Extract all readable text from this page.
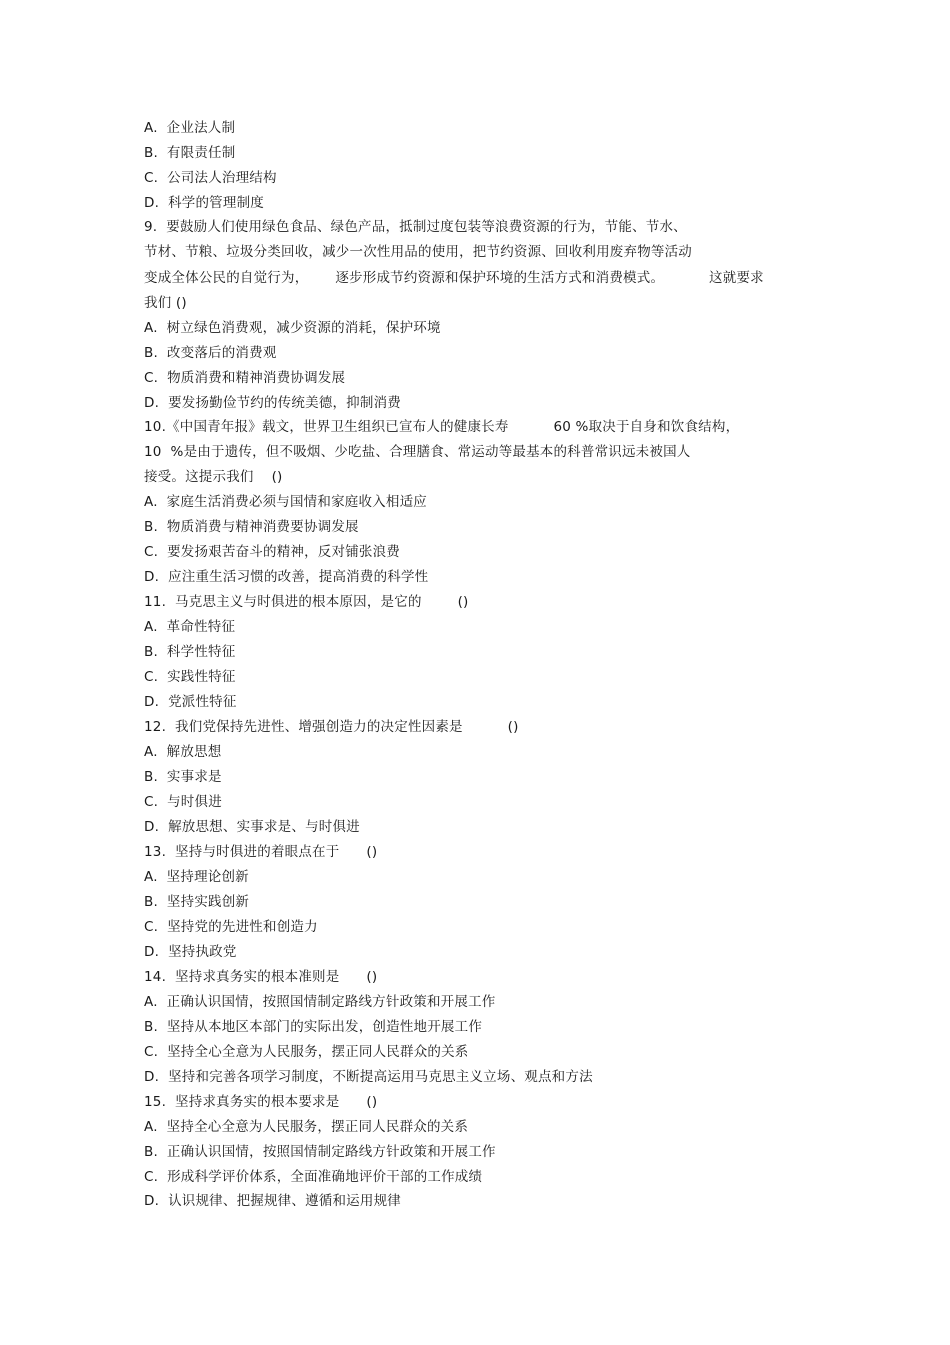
A.  企业法人制
B.  有限责任制
C.  公司法人治理结构
D.  科学的管理制度
9.  要鼓励人们使用绿色食品、绿色产品，抵制过度包装等浪费资源的行为，节能、节水、
节材、节粮、垃圾分类回收，减少一次性用品的使用，把节约资源、回收利用废弃物等活动
变成全体公民的自觉行为，      逐步形成节约资源和保护环境的生活方式和消费模式。          这就要求
我们 ()
A.  树立绿色消费观，减少资源的消耗，保护环境
B.  改变落后的消费观
C.  物质消费和精神消费协调发展
D.  要发扬勤俭节约的传统美德，抑制消费
10.《中国青年报》载文，世界卫生组织已宣布人的健康长寿          60 %取决于自身和饮食结构，
10  %是由于遗传，但不吸烟、少吃盐、合理膳食、常运动等最基本的科普常识远未被国人
接受。这提示我们    ()
A.  家庭生活消费必须与国情和家庭收入相适应
B.  物质消费与精神消费要协调发展
C.  要发扬艰苦奋斗的精神，反对铺张浪费
D.  应注重生活习惯的改善，提高消费的科学性
11.  马克思主义与时俱进的根本原因，是它的        ()
A.  革命性特征
B.  科学性特征
C.  实践性特征
D.  党派性特征
12.  我们党保持先进性、增强创造力的决定性因素是          ()
A.  解放思想
B.  实事求是
C.  与时俱进
D.  解放思想、实事求是、与时俱进
13.  坚持与时俱进的着眼点在于      ()
A.  坚持理论创新
B.  坚持实践创新
C.  坚持党的先进性和创造力
D.  坚持执政党
14.  坚持求真务实的根本准则是      ()
A.  正确认识国情，按照国情制定路线方针政策和开展工作
B.  坚持从本地区本部门的实际出发，创造性地开展工作
C.  坚持全心全意为人民服务，摆正同人民群众的关系
D.  坚持和完善各项学习制度，不断提高运用马克思主义立场、观点和方法
15.  坚持求真务实的根本要求是      ()
A.  坚持全心全意为人民服务，摆正同人民群众的关系
B.  正确认识国情，按照国情制定路线方针政策和开展工作
C.  形成科学评价体系，全面准确地评价干部的工作成绩
D.  认识规律、把握规律、遵循和运用规律
